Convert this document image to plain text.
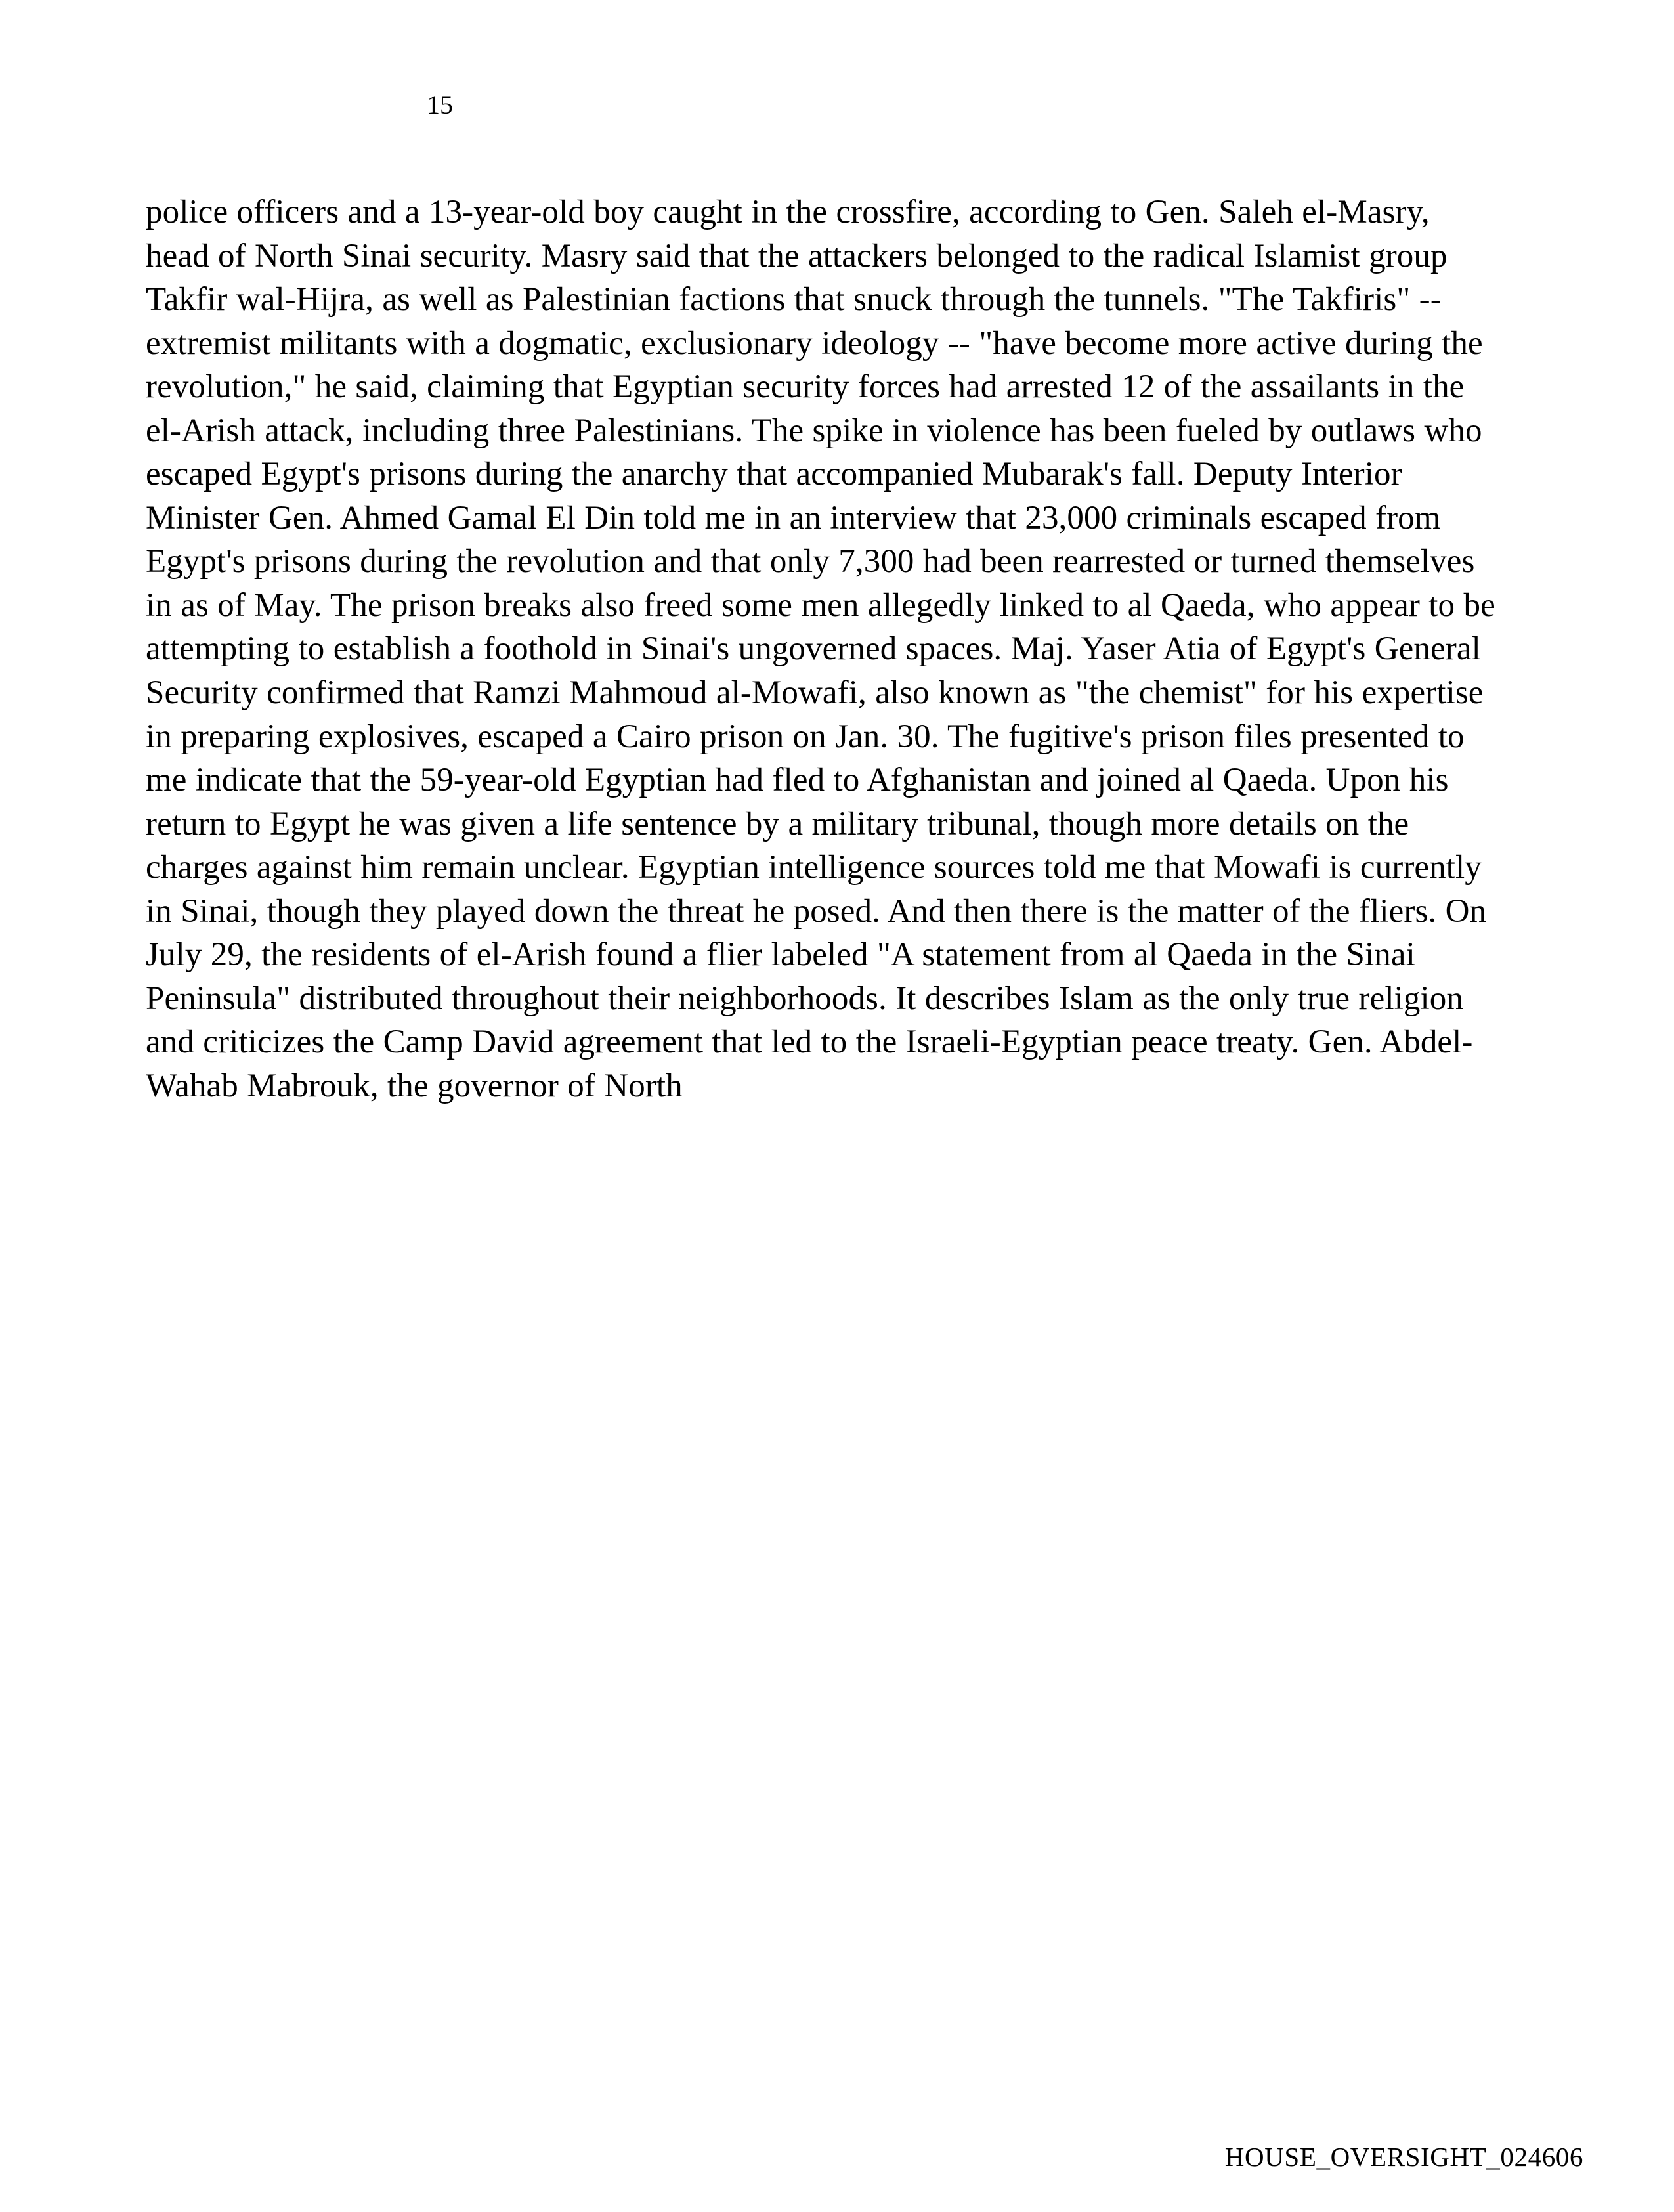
15

police officers and a 13-year-old boy caught in the crossfire, according to Gen. Saleh el-Masry, head of North Sinai security. Masry said that the attackers belonged to the radical Islamist group Takfir wal-Hijra, as well as Palestinian factions that snuck through the tunnels. "The Takfiris" -- extremist militants with a dogmatic, exclusionary ideology -- "have become more active during the revolution," he said, claiming that Egyptian security forces had arrested 12 of the assailants in the el-Arish attack, including three Palestinians. The spike in violence has been fueled by outlaws who escaped Egypt's prisons during the anarchy that accompanied Mubarak's fall. Deputy Interior Minister Gen. Ahmed Gamal El Din told me in an interview that 23,000 criminals escaped from Egypt's prisons during the revolution and that only 7,300 had been rearrested or turned themselves in as of May. The prison breaks also freed some men allegedly linked to al Qaeda, who appear to be attempting to establish a foothold in Sinai's ungoverned spaces. Maj. Yaser Atia of Egypt's General Security confirmed that Ramzi Mahmoud al-Mowafi, also known as "the chemist" for his expertise in preparing explosives, escaped a Cairo prison on Jan. 30. The fugitive's prison files presented to me indicate that the 59-year-old Egyptian had fled to Afghanistan and joined al Qaeda. Upon his return to Egypt he was given a life sentence by a military tribunal, though more details on the charges against him remain unclear. Egyptian intelligence sources told me that Mowafi is currently in Sinai, though they played down the threat he posed. And then there is the matter of the fliers. On July 29, the residents of el-Arish found a flier labeled "A statement from al Qaeda in the Sinai Peninsula" distributed throughout their neighborhoods. It describes Islam as the only true religion and criticizes the Camp David agreement that led to the Israeli-Egyptian peace treaty. Gen. Abdel-Wahab Mabrouk, the governor of North

HOUSE_OVERSIGHT_024606
